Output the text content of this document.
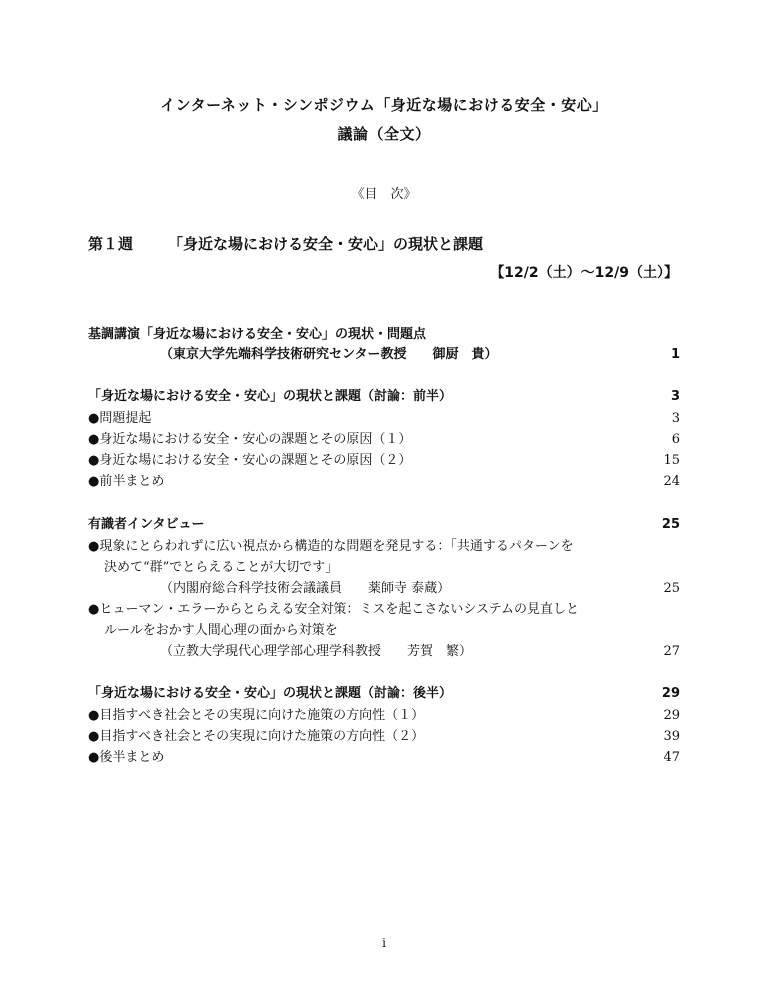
インターネット・シンポジウム「身近な場における安全・安心」
議論（全文）
《目　次》
第１週 「身近な場における安全・安心」の現状と課題
【12/2（土）～12/9（土）】
基調講演「身近な場における安全・安心」の現状・問題点
（東京大学先端科学技術研究センター教授　　御厨　貴）	1
「身近な場における安全・安心」の現状と課題（討論：前半）	3
●問題提起	3
●身近な場における安全・安心の課題とその原因（１）	6
●身近な場における安全・安心の課題とその原因（２）	15
●前半まとめ	24
有識者インタビュー	25
●現象にとらわれずに広い視点から構造的な問題を発見する：「共通するパターンを
決めて“群”でとらえることが大切です」
（内閣府総合科学技術会議議員　　薬師寺 泰蔵）	25
●ヒューマン・エラーからとらえる安全対策：ミスを起こさないシステムの見直しと
ルールをおかす人間心理の面から対策を
（立教大学現代心理学部心理学科教授　　芳賀　繁）	27
「身近な場における安全・安心」の現状と課題（討論：後半）	29
●目指すべき社会とその実現に向けた施策の方向性（１）	29
●目指すべき社会とその実現に向けた施策の方向性（２）	39
●後半まとめ	47
i
